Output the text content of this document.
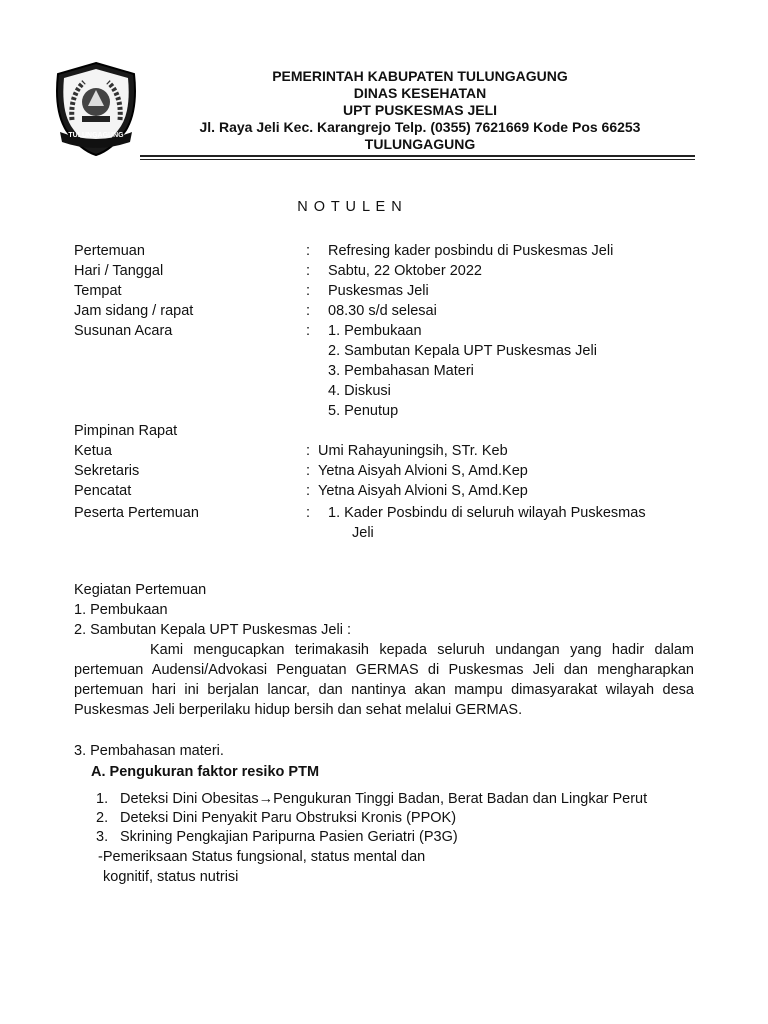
TULUNGAGUNG
PEMERINTAH KABUPATEN TULUNGAGUNG
DINAS KESEHATAN
UPT PUSKESMAS JELI
Jl. Raya Jeli Kec. Karangrejo Telp. (0355) 7621669 Kode Pos 66253
TULUNGAGUNG
N O T U L E N
Pertemuan	: Refresing kader posbindu di Puskesmas Jeli
Hari / Tanggal	: Sabtu, 22 Oktober 2022
Tempat	: Puskesmas Jeli
Jam sidang / rapat	: 08.30 s/d selesai
Susunan Acara	: 1. Pembukaan
2. Sambutan Kepala UPT Puskesmas Jeli
3. Pembahasan Materi
4. Diskusi
5. Penutup
Pimpinan Rapat
Ketua	: Umi Rahayuningsih, STr. Keb
Sekretaris	: Yetna Aisyah Alvioni S, Amd.Kep
Pencatat	: Yetna Aisyah Alvioni S, Amd.Kep
Peserta Pertemuan	: 1. Kader Posbindu di seluruh wilayah Puskesmas
Jeli
Kegiatan Pertemuan
1. Pembukaan
2. Sambutan Kepala UPT Puskesmas Jeli :
Kami mengucapkan terimakasih kepada seluruh undangan yang hadir dalam
pertemuan Audensi/Advokasi Penguatan GERMAS di Puskesmas Jeli dan mengharapkan pertemuan hari ini berjalan lancar, dan nantinya akan mampu dimasyarakat wilayah desa Puskesmas Jeli berperilaku hidup bersih dan sehat melalui GERMAS.
3. Pembahasan materi.
A. Pengukuran faktor resiko PTM
1. Deteksi Dini Obesitas→Pengukuran Tinggi Badan, Berat Badan dan Lingkar Perut
2. Deteksi Dini Penyakit Paru Obstruksi Kronis (PPOK)
3. Skrining Pengkajian Paripurna Pasien Geriatri (P3G)
-Pemeriksaan Status fungsional, status mental dan
kognitif, status nutrisi
